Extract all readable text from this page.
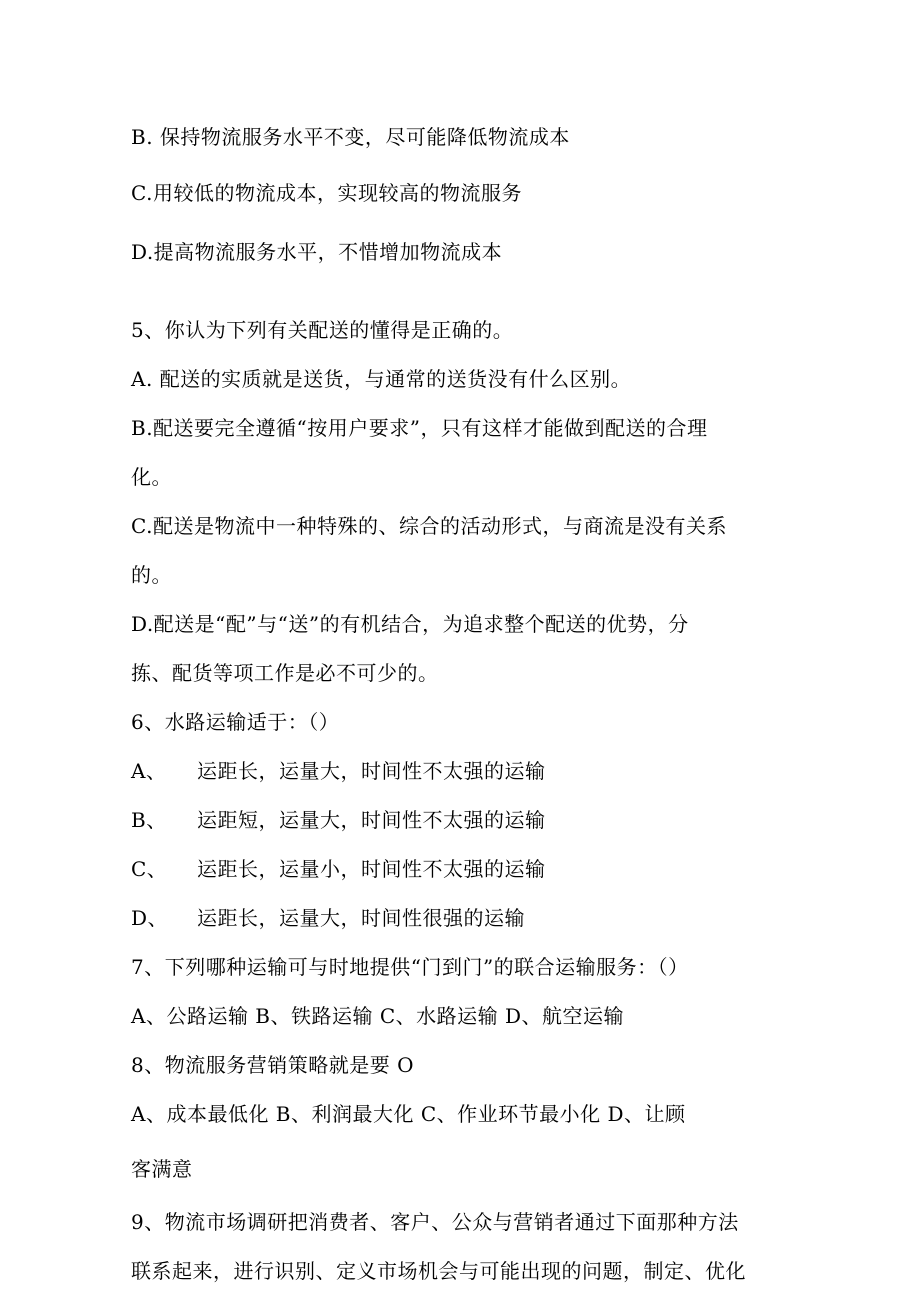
B. 保持物流服务水平不变，尽可能降低物流成本
C.用较低的物流成本，实现较高的物流服务
D.提高物流服务水平，不惜增加物流成本
5、你认为下列有关配送的懂得是正确的。
A. 配送的实质就是送货，与通常的送货没有什么区别。
B.配送要完全遵循“按用户要求”，只有这样才能做到配送的合理
化。
C.配送是物流中一种特殊的、综合的活动形式，与商流是没有关系
的。
D.配送是“配”与“送”的有机结合，为追求整个配送的优势，分
拣、配货等项工作是必不可少的。
6、水路运输适于：（）
A、 运距长，运量大，时间性不太强的运输
B、 运距短，运量大，时间性不太强的运输
C、 运距长，运量小，时间性不太强的运输
D、 运距长，运量大，时间性很强的运输
7、下列哪种运输可与时地提供“门到门”的联合运输服务：（）
A、公路运输 B、铁路运输 C、水路运输 D、航空运输
8、物流服务营销策略就是要 O
A、成本最低化 B、利润最大化 C、作业环节最小化 D、让顾
客满意
9、物流市场调研把消费者、客户、公众与营销者通过下面那种方法
联系起来，进行识别、定义市场机会与可能出现的问题，制定、优化
